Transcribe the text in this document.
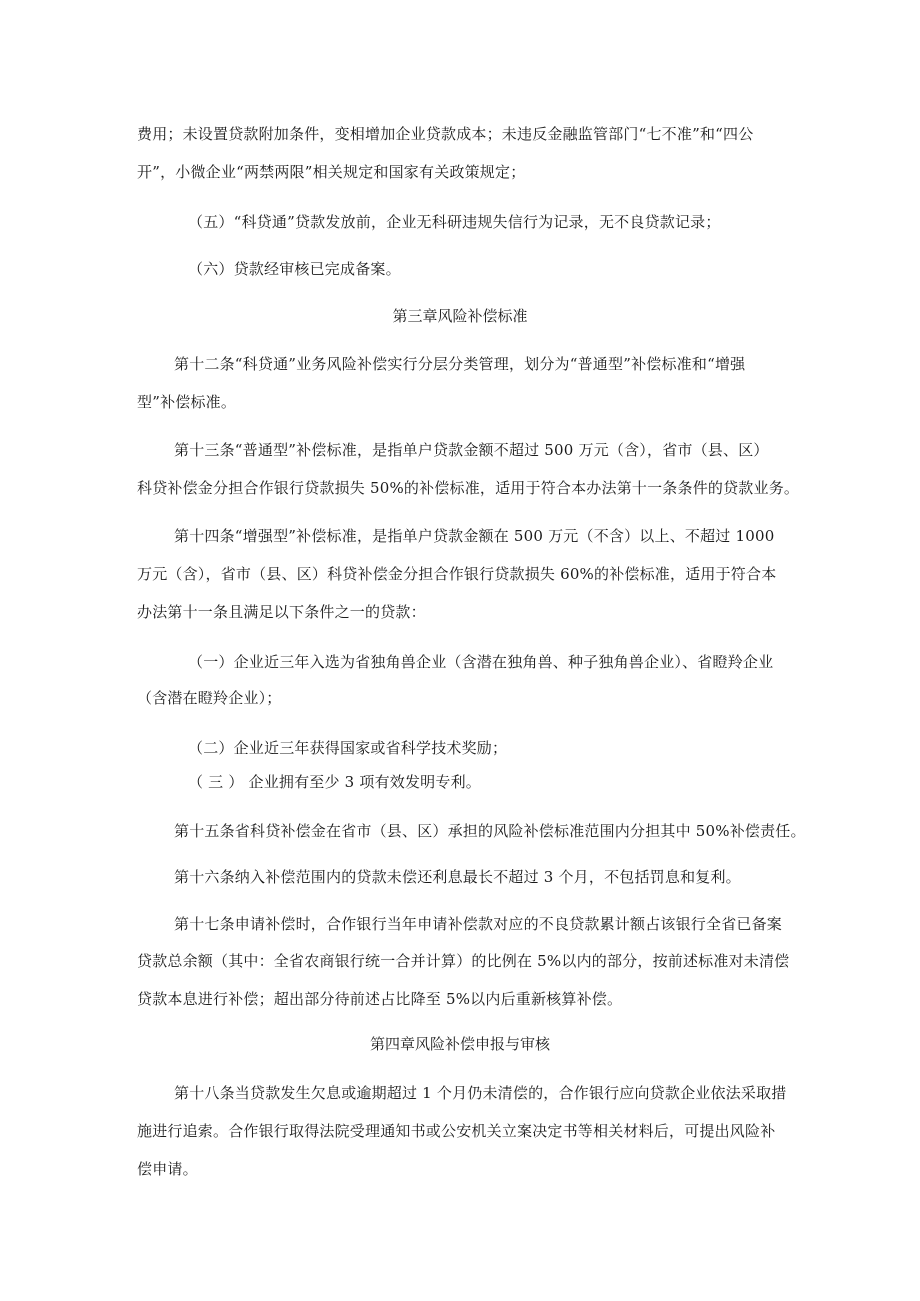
费用；未设置贷款附加条件，变相增加企业贷款成本；未违反金融监管部门“七不准”和“四公
开”，小微企业“两禁两限”相关规定和国家有关政策规定；
（五）“科贷通”贷款发放前，企业无科研违规失信行为记录，无不良贷款记录；
（六）贷款经审核已完成备案。
第三章风险补偿标准
第十二条“科贷通”业务风险补偿实行分层分类管理，划分为“普通型”补偿标准和“增强
型”补偿标准。
第十三条“普通型”补偿标准，是指单户贷款金额不超过 500 万元（含），省市（县、区）
科贷补偿金分担合作银行贷款损失 50%的补偿标准，适用于符合本办法第十一条条件的贷款业务。
第十四条“增强型”补偿标准，是指单户贷款金额在 500 万元（不含）以上、不超过 1000
万元（含），省市（县、区）科贷补偿金分担合作银行贷款损失 60%的补偿标准，适用于符合本
办法第十一条且满足以下条件之一的贷款：
（一）企业近三年入选为省独角兽企业（含潜在独角兽、种子独角兽企业）、省瞪羚企业
（含潜在瞪羚企业）；
（二）企业近三年获得国家或省科学技术奖励；
（ 三 ） 企业拥有至少 3 项有效发明专利。
第十五条省科贷补偿金在省市（县、区）承担的风险补偿标准范围内分担其中 50%补偿责任。
第十六条纳入补偿范围内的贷款未偿还利息最长不超过 3 个月，不包括罚息和复利。
第十七条申请补偿时，合作银行当年申请补偿款对应的不良贷款累计额占该银行全省已备案
贷款总余额（其中：全省农商银行统一合并计算）的比例在 5%以内的部分，按前述标准对未清偿
贷款本息进行补偿；超出部分待前述占比降至 5%以内后重新核算补偿。
第四章风险补偿申报与审核
第十八条当贷款发生欠息或逾期超过 1 个月仍未清偿的，合作银行应向贷款企业依法采取措
施进行追索。合作银行取得法院受理通知书或公安机关立案决定书等相关材料后，可提出风险补
偿申请。
